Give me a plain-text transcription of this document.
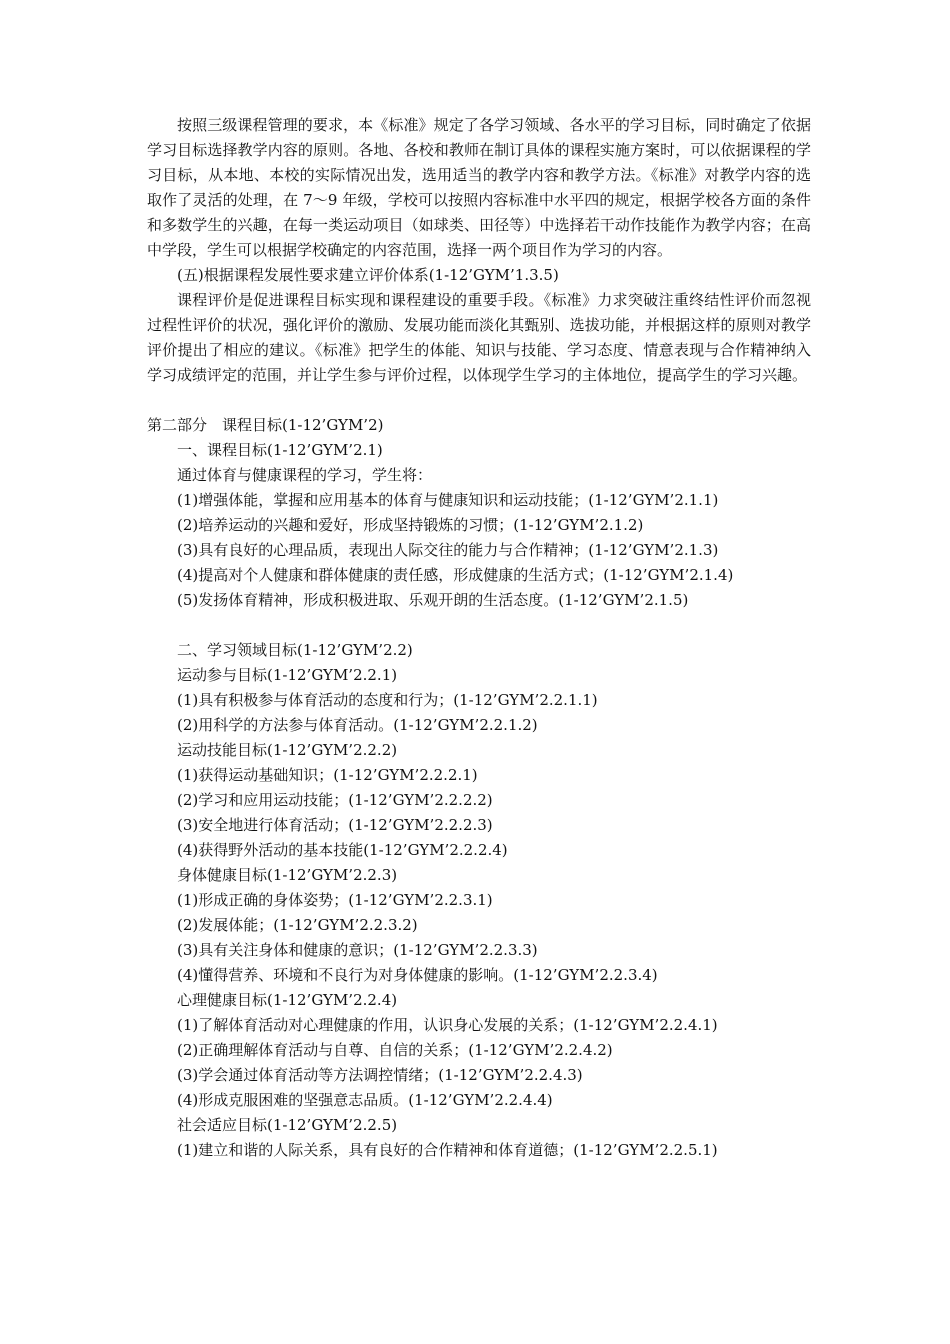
按照三级课程管理的要求，本《标准》规定了各学习领域、各水平的学习目标，同时确定了依据学习目标选择教学内容的原则。各地、各校和教师在制订具体的课程实施方案时，可以依据课程的学习目标，从本地、本校的实际情况出发，选用适当的教学内容和教学方法。《标准》对教学内容的选取作了灵活的处理，在 7～9 年级，学校可以按照内容标准中水平四的规定，根据学校各方面的条件和多数学生的兴趣，在每一类运动项目（如球类、田径等）中选择若干动作技能作为教学内容；在高中学段，学生可以根据学校确定的内容范围，选择一两个项目作为学习的内容。

(五)根据课程发展性要求建立评价体系(1-12’GYM’1.3.5)

课程评价是促进课程目标实现和课程建设的重要手段。《标准》力求突破注重终结性评价而忽视过程性评价的状况，强化评价的激励、发展功能而淡化其甄别、选拔功能，并根据这样的原则对教学评价提出了相应的建议。《标准》把学生的体能、知识与技能、学习态度、情意表现与合作精神纳入学习成绩评定的范围，并让学生参与评价过程，以体现学生学习的主体地位，提高学生的学习兴趣。

第二部分　课程目标(1-12’GYM’2)

一、课程目标(1-12’GYM’2.1)

通过体育与健康课程的学习，学生将：

(1)增强体能，掌握和应用基本的体育与健康知识和运动技能；(1-12’GYM’2.1.1)

(2)培养运动的兴趣和爱好，形成坚持锻炼的习惯；(1-12’GYM’2.1.2)

(3)具有良好的心理品质，表现出人际交往的能力与合作精神；(1-12’GYM’2.1.3)

(4)提高对个人健康和群体健康的责任感，形成健康的生活方式；(1-12’GYM’2.1.4)

(5)发扬体育精神，形成积极进取、乐观开朗的生活态度。(1-12’GYM’2.1.5)

二、学习领域目标(1-12’GYM’2.2)

运动参与目标(1-12’GYM’2.2.1)

(1)具有积极参与体育活动的态度和行为；(1-12’GYM’2.2.1.1)

(2)用科学的方法参与体育活动。(1-12’GYM’2.2.1.2)

运动技能目标(1-12’GYM’2.2.2)

(1)获得运动基础知识；(1-12’GYM’2.2.2.1)

(2)学习和应用运动技能；(1-12’GYM’2.2.2.2)

(3)安全地进行体育活动；(1-12’GYM’2.2.2.3)

(4)获得野外活动的基本技能(1-12’GYM’2.2.2.4)

身体健康目标(1-12’GYM’2.2.3)

(1)形成正确的身体姿势；(1-12’GYM’2.2.3.1)

(2)发展体能；(1-12’GYM’2.2.3.2)

(3)具有关注身体和健康的意识；(1-12’GYM’2.2.3.3)

(4)懂得营养、环境和不良行为对身体健康的影响。(1-12’GYM’2.2.3.4)

心理健康目标(1-12’GYM’2.2.4)

(1)了解体育活动对心理健康的作用，认识身心发展的关系；(1-12’GYM’2.2.4.1)

(2)正确理解体育活动与自尊、自信的关系；(1-12’GYM’2.2.4.2)

(3)学会通过体育活动等方法调控情绪；(1-12’GYM’2.2.4.3)

(4)形成克服困难的坚强意志品质。(1-12’GYM’2.2.4.4)

社会适应目标(1-12’GYM’2.2.5)

(1)建立和谐的人际关系，具有良好的合作精神和体育道德；(1-12’GYM’2.2.5.1)
